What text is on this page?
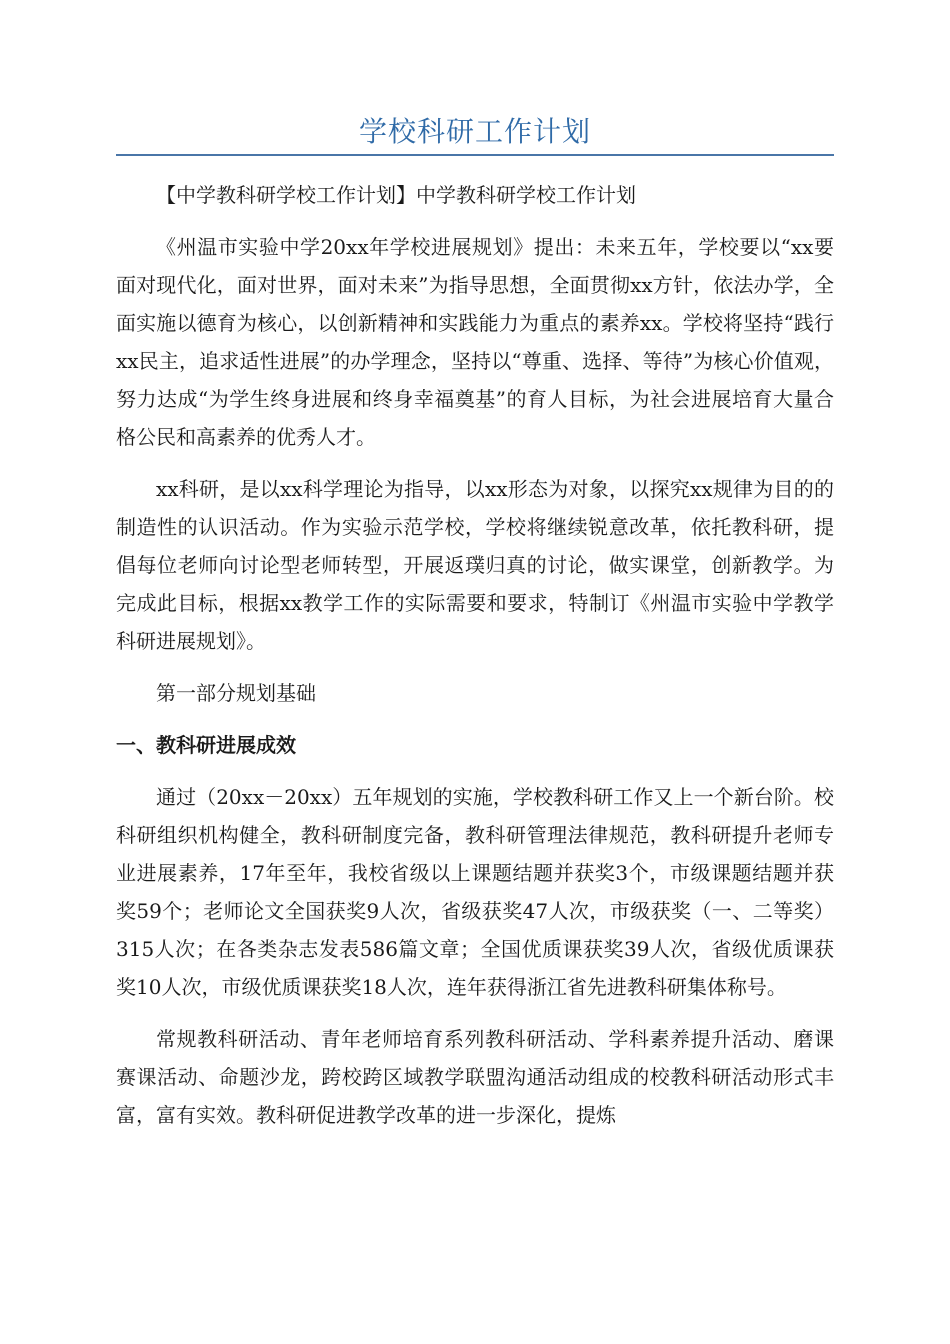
学校科研工作计划

【中学教科研学校工作计划】中学教科研学校工作计划

《州温市实验中学20xx年学校进展规划》提出：未来五年，学校要以“xx要面对现代化，面对世界，面对未来”为指导思想，全面贯彻xx方针，依法办学，全面实施以德育为核心，以创新精神和实践能力为重点的素养xx。学校将坚持“践行xx民主，追求适性进展”的办学理念，坚持以“尊重、选择、等待”为核心价值观，努力达成“为学生终身进展和终身幸福奠基”的育人目标，为社会进展培育大量合格公民和高素养的优秀人才。

xx科研，是以xx科学理论为指导，以xx形态为对象，以探究xx规律为目的的制造性的认识活动。作为实验示范学校，学校将继续锐意改革，依托教科研，提倡每位老师向讨论型老师转型，开展返璞归真的讨论，做实课堂，创新教学。为完成此目标，根据xx教学工作的实际需要和要求，特制订《州温市实验中学教学科研进展规划》。

第一部分规划基础

一、教科研进展成效

通过（20xx－20xx）五年规划的实施，学校教科研工作又上一个新台阶。校科研组织机构健全，教科研制度完备，教科研管理法律规范，教科研提升老师专业进展素养，17年至年，我校省级以上课题结题并获奖3个，市级课题结题并获奖59个；老师论文全国获奖9人次，省级获奖47人次，市级获奖（一、二等奖）315人次；在各类杂志发表586篇文章；全国优质课获奖39人次，省级优质课获奖10人次，市级优质课获奖18人次，连年获得浙江省先进教科研集体称号。

常规教科研活动、青年老师培育系列教科研活动、学科素养提升活动、磨课赛课活动、命题沙龙，跨校跨区域教学联盟沟通活动组成的校教科研活动形式丰富，富有实效。教科研促进教学改革的进一步深化，提炼
